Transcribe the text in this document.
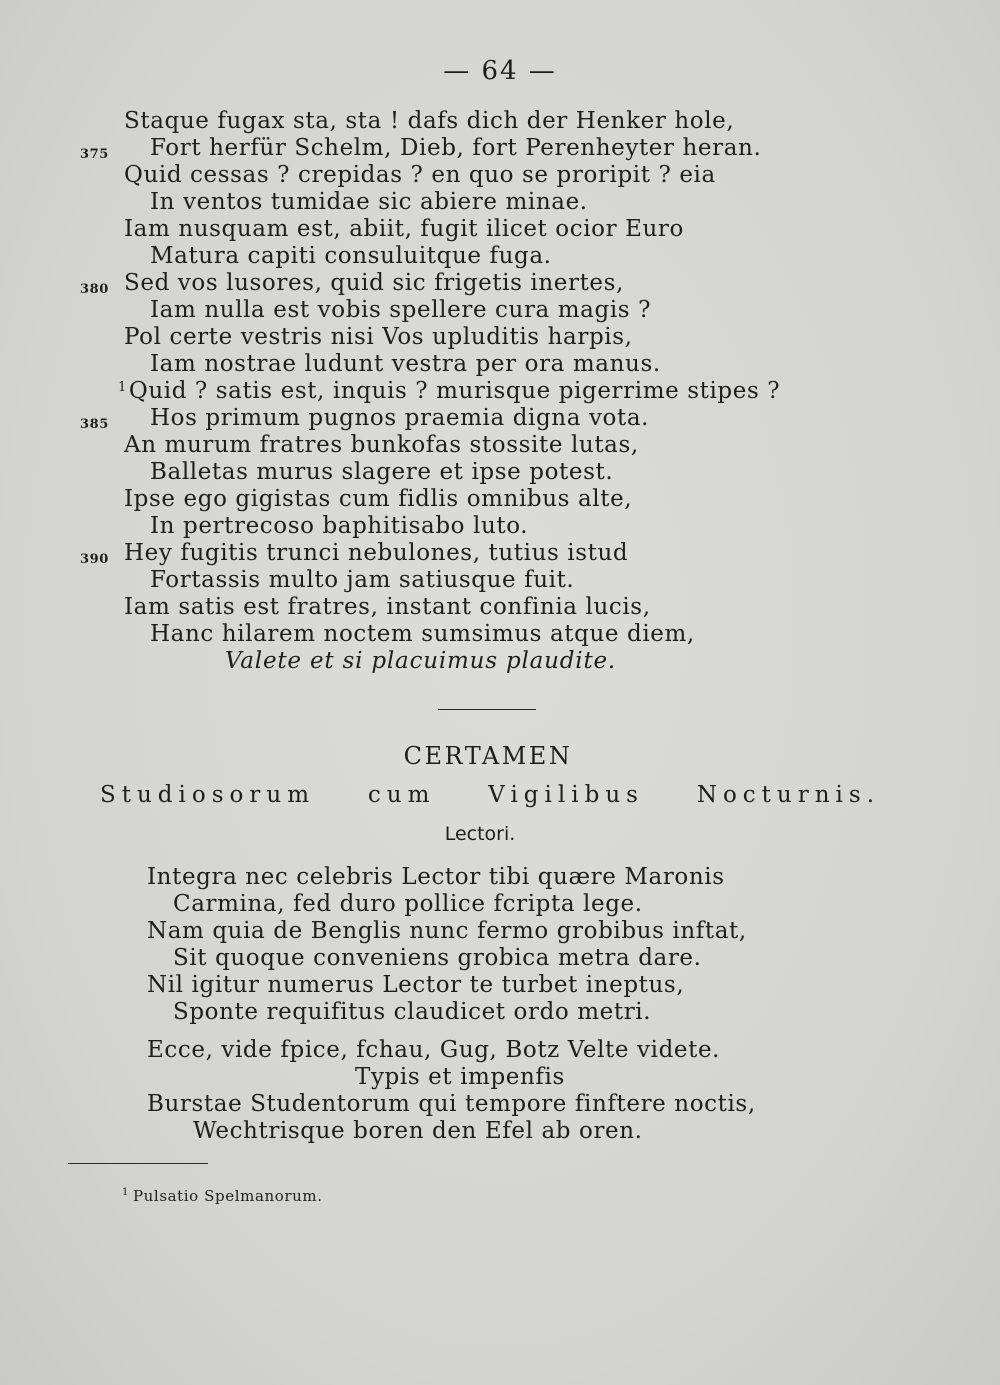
— 64 —
Staque fugax sta, sta ! dafs dich der Henker hole,
375 Fort herfür Schelm, Dieb, fort Perenheyter heran.
Quid cessas ? crepidas ? en quo se proripit ? eia
In ventos tumidae sic abiere minae.
Iam nusquam est, abiit, fugit ilicet ocior Euro
Matura capiti consuluitque fuga.
380 Sed vos lusores, quid sic frigetis inertes,
Iam nulla est vobis spellere cura magis ?
Pol certe vestris nisi Vos upluditis harpis,
Iam nostrae ludunt vestra per ora manus.
$^1$Quid ? satis est, inquis ? murisque pigerrime stipes ?
385 Hos primum pugnos praemia digna vota.
An murum fratres bunkofas stossite lutas,
Balletas murus slagere et ipse potest.
Ipse ego gigistas cum fidlis omnibus alte,
In pertrecoso baphitisabo luto.
390 Hey fugitis trunci nebulones, tutius istud
Fortassis multo jam satiusque fuit.
Iam satis est fratres, instant confinia lucis,
Hanc hilarem noctem sumsimus atque diem,
Valete et si placuimus plaudite.
CERTAMEN
Studiosorum cum Vigilibus Nocturnis.
Lectori.
Integra nec celebris Lector tibi quære Maronis
Carmina, fed duro pollice fcripta lege.
Nam quia de Benglis nunc fermo grobibus inftat,
Sit quoque conveniens grobica metra dare.
Nil igitur numerus Lector te turbet ineptus,
Sponte requifitus claudicet ordo metri.
Ecce, vide fpice, fchau, Gug, Botz Velte videte.
Typis et impenfis
Burstae Studentorum qui tempore finftere noctis,
Wechtrisque boren den Efel ab oren.
$^1$ Pulsatio Spelmanorum.
